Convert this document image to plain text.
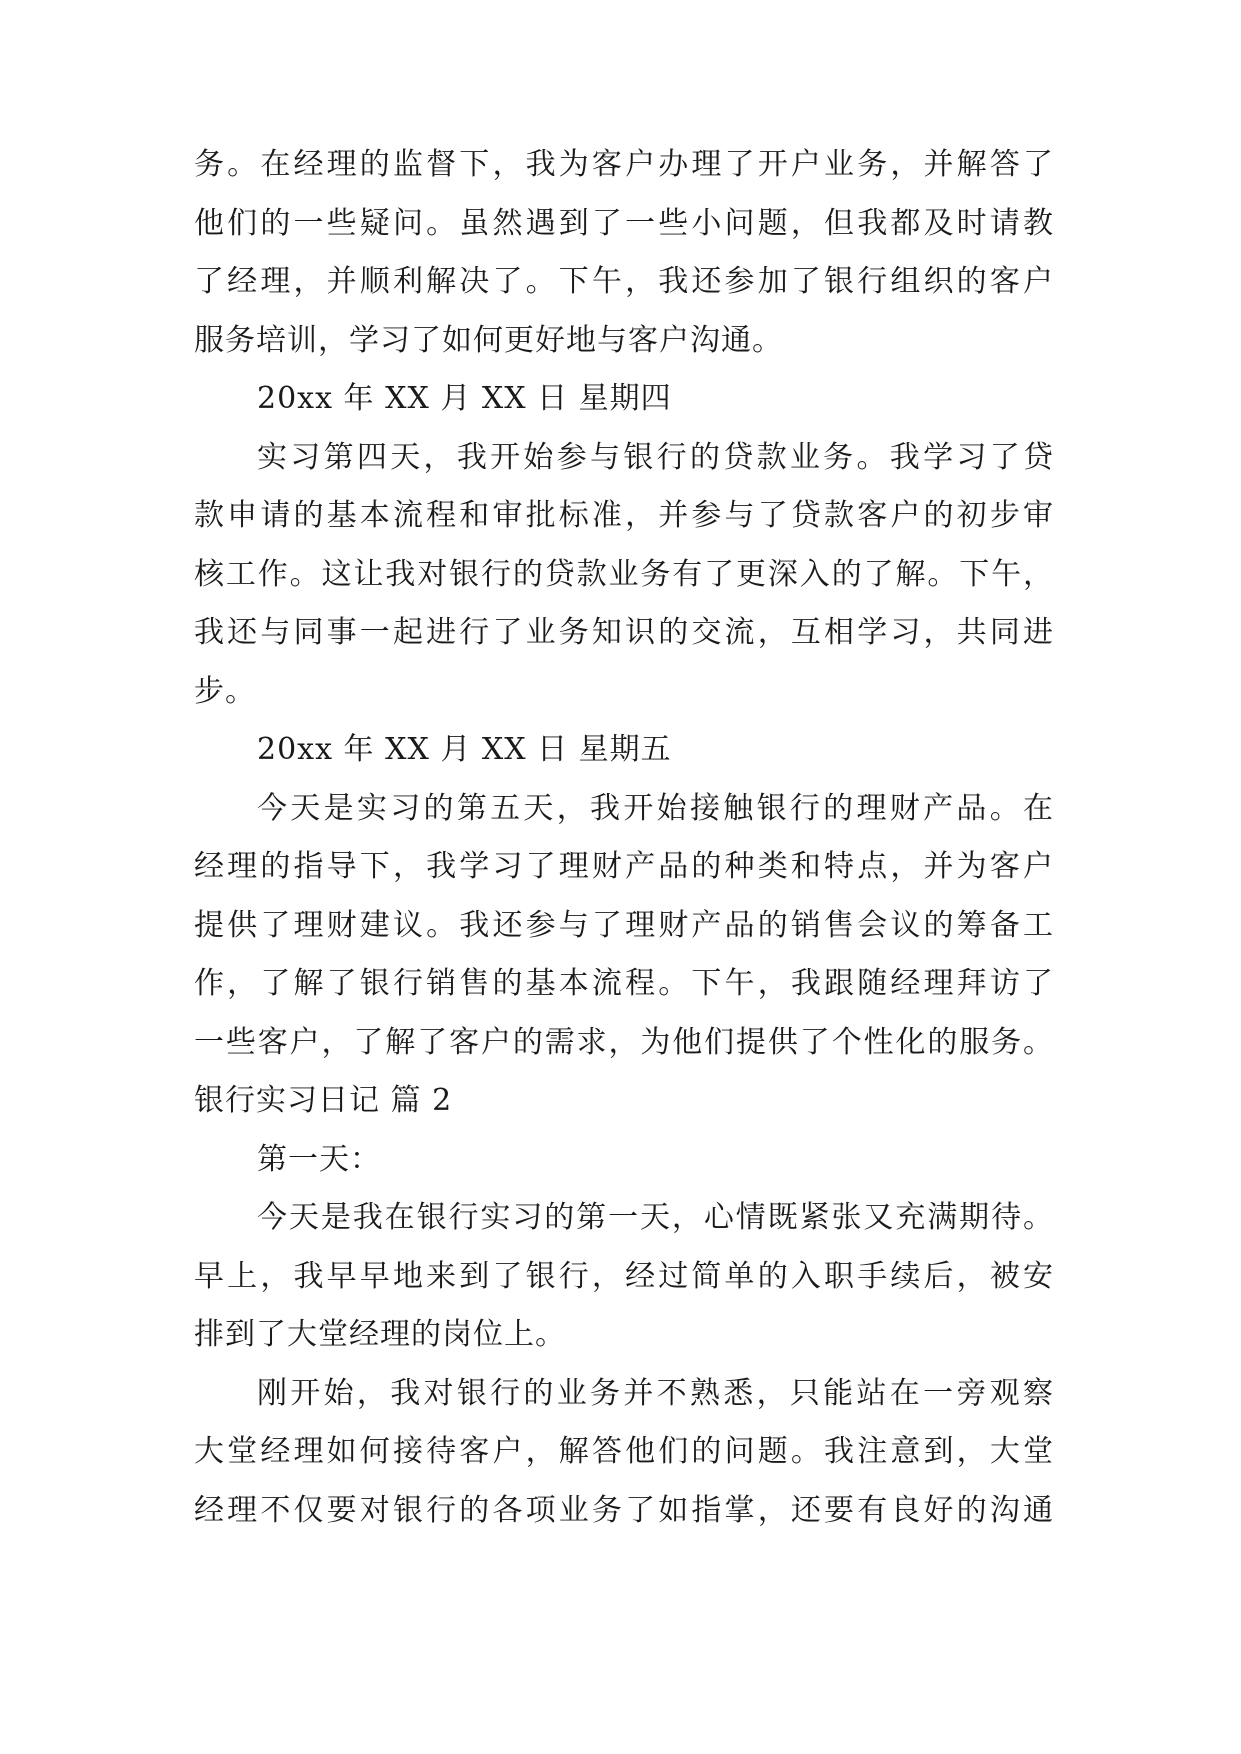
务。在经理的监督下，我为客户办理了开户业务，并解答了
他们的一些疑问。虽然遇到了一些小问题，但我都及时请教
了经理，并顺利解决了。下午，我还参加了银行组织的客户
服务培训，学习了如何更好地与客户沟通。
20xx 年 XX 月 XX 日 星期四
实习第四天，我开始参与银行的贷款业务。我学习了贷
款申请的基本流程和审批标准，并参与了贷款客户的初步审
核工作。这让我对银行的贷款业务有了更深入的了解。下午，
我还与同事一起进行了业务知识的交流，互相学习，共同进
步。
20xx 年 XX 月 XX 日 星期五
今天是实习的第五天，我开始接触银行的理财产品。在
经理的指导下，我学习了理财产品的种类和特点，并为客户
提供了理财建议。我还参与了理财产品的销售会议的筹备工
作，了解了银行销售的基本流程。下午，我跟随经理拜访了
一些客户，了解了客户的需求，为他们提供了个性化的服务。
银行实习日记 篇 2
第一天：
今天是我在银行实习的第一天，心情既紧张又充满期待。
早上，我早早地来到了银行，经过简单的入职手续后，被安
排到了大堂经理的岗位上。
刚开始，我对银行的业务并不熟悉，只能站在一旁观察
大堂经理如何接待客户，解答他们的问题。我注意到，大堂
经理不仅要对银行的各项业务了如指掌，还要有良好的沟通
